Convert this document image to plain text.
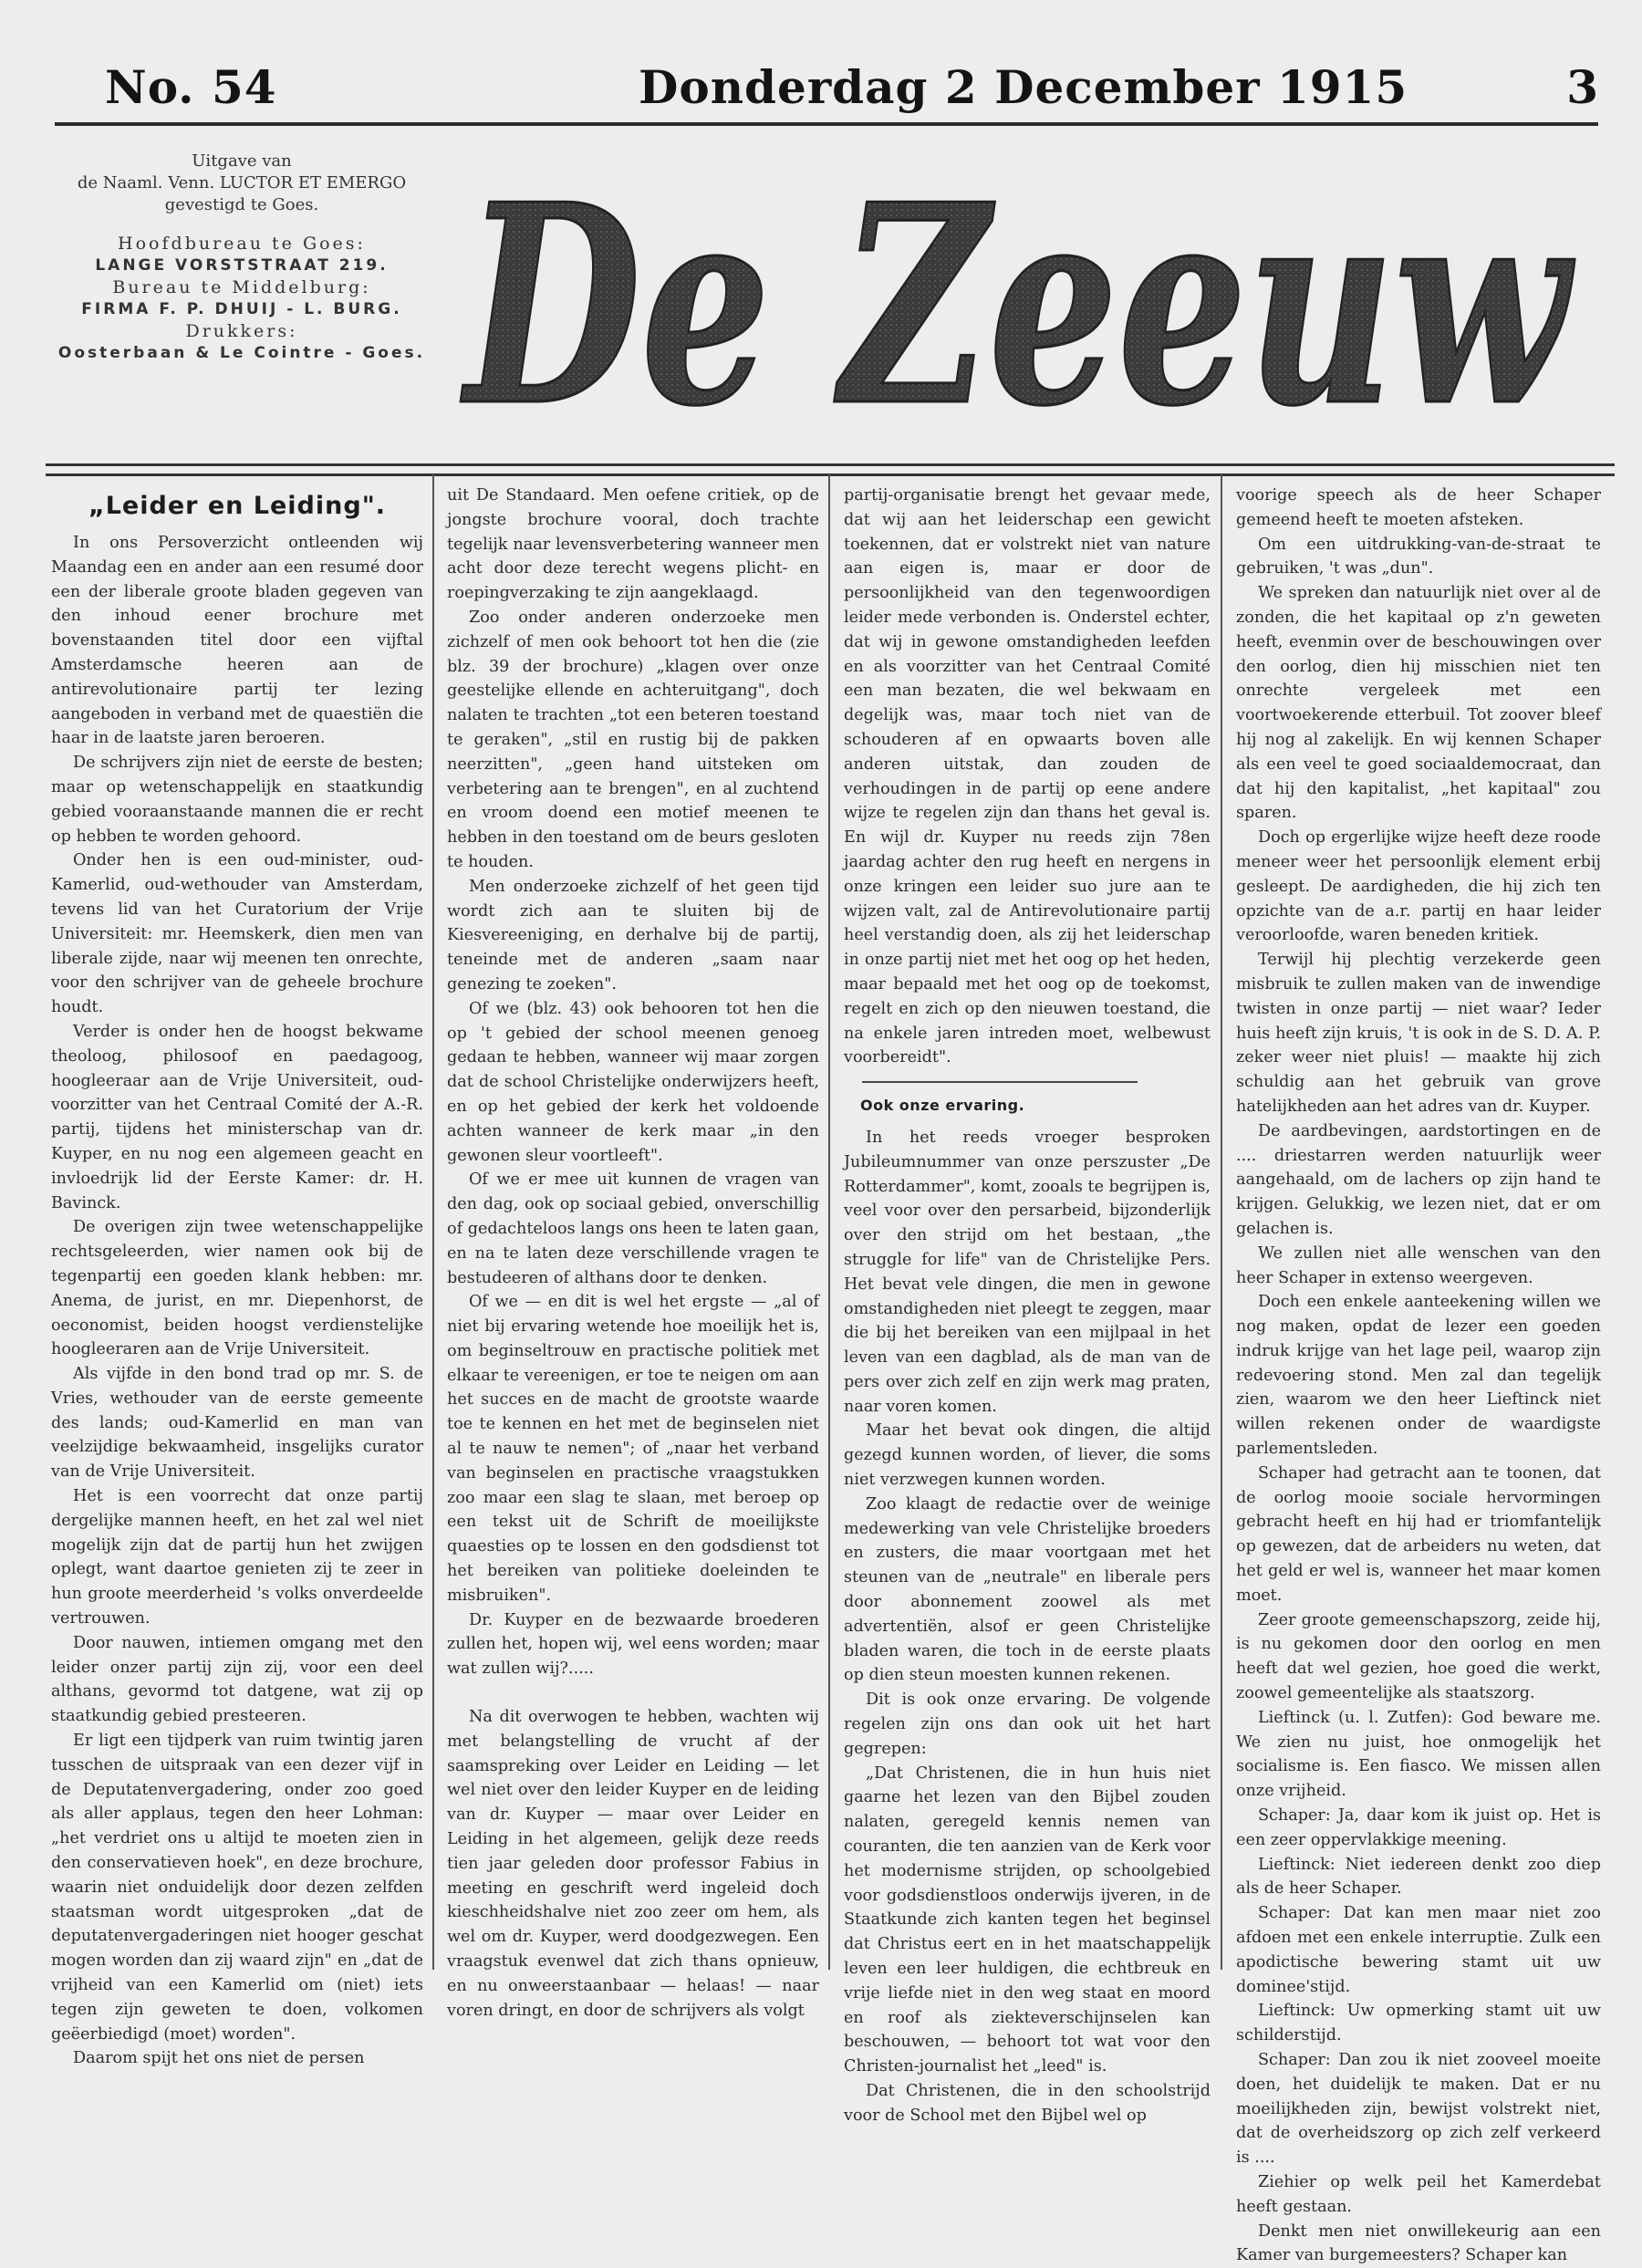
No. 54	Donderdag 2 December 1915	3
Uitgave van
de Naaml. Venn. LUCTOR ET EMERGO
gevestigd te Goes.
Hoofdbureau te Goes:
LANGE VORSTSTRAAT 219.
Bureau te Middelburg:
FIRMA F. P. DHUIJ - L. BURG.
Drukkers:
Oosterbaan & Le Cointre - Goes. De Zeeuw
„Leider en Leiding".

In ons Persoverzicht ontleenden wij Maandag een en ander aan een resumé door een der liberale groote bladen gegeven van den inhoud eener brochure met bovenstaanden titel door een vijftal Amsterdamsche heeren aan de antirevolutionaire partij ter lezing aangeboden in verband met de quaestiën die haar in de laatste jaren beroeren.

De schrijvers zijn niet de eerste de besten; maar op wetenschappelijk en staatkundig gebied vooraanstaande mannen die er recht op hebben te worden gehoord.

Onder hen is een oud-minister, oud-Kamerlid, oud-wethouder van Amsterdam, tevens lid van het Curatorium der Vrije Universiteit: mr. Heemskerk, dien men van liberale zijde, naar wij meenen ten onrechte, voor den schrijver van de geheele brochure houdt.

Verder is onder hen de hoogst bekwame theoloog, philosoof en paedagoog, hoogleeraar aan de Vrije Universiteit, oud-voorzitter van het Centraal Comité der A.-R. partij, tijdens het ministerschap van dr. Kuyper, en nu nog een algemeen geacht en invloedrijk lid der Eerste Kamer: dr. H. Bavinck.

De overigen zijn twee wetenschappelijke rechtsgeleerden, wier namen ook bij de tegenpartij een goeden klank hebben: mr. Anema, de jurist, en mr. Diepenhorst, de oeconomist, beiden hoogst verdienstelijke hoogleeraren aan de Vrije Universiteit.

Als vijfde in den bond trad op mr. S. de Vries, wethouder van de eerste gemeente des lands; oud-Kamerlid en man van veelzijdige bekwaamheid, insgelijks curator van de Vrije Universiteit.

Het is een voorrecht dat onze partij dergelijke mannen heeft, en het zal wel niet mogelijk zijn dat de partij hun het zwijgen oplegt, want daartoe genieten zij te zeer in hun groote meerderheid 's volks onverdeelde vertrouwen.

Door nauwen, intiemen omgang met den leider onzer partij zijn zij, voor een deel althans, gevormd tot datgene, wat zij op staatkundig gebied presteeren.

Er ligt een tijdperk van ruim twintig jaren tusschen de uitspraak van een dezer vijf in de Deputatenvergadering, onder zoo goed als aller applaus, tegen den heer Lohman: „het verdriet ons u altijd te moeten zien in den conservatieven hoek", en deze brochure, waarin niet onduidelijk door dezen zelfden staatsman wordt uitgesproken „dat de deputatenvergaderingen niet hooger geschat mogen worden dan zij waard zijn" en „dat de vrijheid van een Kamerlid om (niet) iets tegen zijn geweten te doen, volkomen geëerbiedigd (moet) worden".

Daarom spijt het ons niet de persen

uit De Standaard. Men oefene critiek, op de jongste brochure vooral, doch trachte tegelijk naar levensverbetering wanneer men acht door deze terecht wegens plicht- en roepingverzaking te zijn aangeklaagd.

Zoo onder anderen onderzoeke men zichzelf of men ook behoort tot hen die (zie blz. 39 der brochure) „klagen over onze geestelijke ellende en achteruitgang", doch nalaten te trachten „tot een beteren toestand te geraken", „stil en rustig bij de pakken neerzitten", „geen hand uitsteken om verbetering aan te brengen", en al zuchtend en vroom doend een motief meenen te hebben in den toestand om de beurs gesloten te houden.

Men onderzoeke zichzelf of het geen tijd wordt zich aan te sluiten bij de Kiesvereeniging, en derhalve bij de partij, teneinde met de anderen „saam naar genezing te zoeken".

Of we (blz. 43) ook behooren tot hen die op 't gebied der school meenen genoeg gedaan te hebben, wanneer wij maar zorgen dat de school Christelijke onderwijzers heeft, en op het gebied der kerk het voldoende achten wanneer de kerk maar „in den gewonen sleur voortleeft".

Of we er mee uit kunnen de vragen van den dag, ook op sociaal gebied, onverschillig of gedachteloos langs ons heen te laten gaan, en na te laten deze verschillende vragen te bestudeeren of althans door te denken.

Of we — en dit is wel het ergste — „al of niet bij ervaring wetende hoe moeilijk het is, om beginseltrouw en practische politiek met elkaar te vereenigen, er toe te neigen om aan het succes en de macht de grootste waarde toe te kennen en het met de beginselen niet al te nauw te nemen"; of „naar het verband van beginselen en practische vraagstukken zoo maar een slag te slaan, met beroep op een tekst uit de Schrift de moeilijkste quaesties op te lossen en den godsdienst tot het bereiken van politieke doeleinden te misbruiken".

Dr. Kuyper en de bezwaarde broederen zullen het, hopen wij, wel eens worden; maar wat zullen wij?.....

Na dit overwogen te hebben, wachten wij met belangstelling de vrucht af der saamspreking over Leider en Leiding — let wel niet over den leider Kuyper en de leiding van dr. Kuyper — maar over Leider en Leiding in het algemeen, gelijk deze reeds tien jaar geleden door professor Fabius in meeting en geschrift werd ingeleid doch kieschheidshalve niet zoo zeer om hem, als wel om dr. Kuyper, werd doodgezwegen. Een vraagstuk evenwel dat zich thans opnieuw, en nu onweerstaanbaar — helaas! — naar voren dringt, en door de schrijvers als volgt

partij-organisatie brengt het gevaar mede, dat wij aan het leiderschap een gewicht toekennen, dat er volstrekt niet van nature aan eigen is, maar er door de persoonlijkheid van den tegenwoordigen leider mede verbonden is. Onderstel echter, dat wij in gewone omstandigheden leefden en als voorzitter van het Centraal Comité een man bezaten, die wel bekwaam en degelijk was, maar toch niet van de schouderen af en opwaarts boven alle anderen uitstak, dan zouden de verhoudingen in de partij op eene andere wijze te regelen zijn dan thans het geval is. En wijl dr. Kuyper nu reeds zijn 78en jaardag achter den rug heeft en nergens in onze kringen een leider suo jure aan te wijzen valt, zal de Antirevolutionaire partij heel verstandig doen, als zij het leiderschap in onze partij niet met het oog op het heden, maar bepaald met het oog op de toekomst, regelt en zich op den nieuwen toestand, die na enkele jaren intreden moet, welbewust voorbereidt".

Ook onze ervaring.

In het reeds vroeger besproken Jubileumnummer van onze perszuster „De Rotterdammer", komt, zooals te begrijpen is, veel voor over den persarbeid, bijzonderlijk over den strijd om het bestaan, „the struggle for life" van de Christelijke Pers. Het bevat vele dingen, die men in gewone omstandigheden niet pleegt te zeggen, maar die bij het bereiken van een mijlpaal in het leven van een dagblad, als de man van de pers over zich zelf en zijn werk mag praten, naar voren komen.

Maar het bevat ook dingen, die altijd gezegd kunnen worden, of liever, die soms niet verzwegen kunnen worden.

Zoo klaagt de redactie over de weinige medewerking van vele Christelijke broeders en zusters, die maar voortgaan met het steunen van de „neutrale" en liberale pers door abonnement zoowel als met advertentiën, alsof er geen Christelijke bladen waren, die toch in de eerste plaats op dien steun moesten kunnen rekenen.

Dit is ook onze ervaring. De volgende regelen zijn ons dan ook uit het hart gegrepen:

„Dat Christenen, die in hun huis niet gaarne het lezen van den Bijbel zouden nalaten, geregeld kennis nemen van couranten, die ten aanzien van de Kerk voor het modernisme strijden, op schoolgebied voor godsdienstloos onderwijs ijveren, in de Staatkunde zich kanten tegen het beginsel dat Christus eert en in het maatschappelijk leven een leer huldigen, die echtbreuk en vrije liefde niet in den weg staat en moord en roof als ziekteverschijnselen kan beschouwen, — behoort tot wat voor den Christen-journalist het „leed" is.

Dat Christenen, die in den schoolstrijd voor de School met den Bijbel wel op

voorige speech als de heer Schaper gemeend heeft te moeten afsteken.

Om een uitdrukking-van-de-straat te gebruiken, 't was „dun".

We spreken dan natuurlijk niet over al de zonden, die het kapitaal op z'n geweten heeft, evenmin over de beschouwingen over den oorlog, dien hij misschien niet ten onrechte vergeleek met een voortwoekerende etterbuil. Tot zoover bleef hij nog al zakelijk. En wij kennen Schaper als een veel te goed sociaaldemocraat, dan dat hij den kapitalist, „het kapitaal" zou sparen.

Doch op ergerlijke wijze heeft deze roode meneer weer het persoonlijk element erbij gesleept. De aardigheden, die hij zich ten opzichte van de a.r. partij en haar leider veroorloofde, waren beneden kritiek.

Terwijl hij plechtig verzekerde geen misbruik te zullen maken van de inwendige twisten in onze partij — niet waar? Ieder huis heeft zijn kruis, 't is ook in de S. D. A. P. zeker weer niet pluis! — maakte hij zich schuldig aan het gebruik van grove hatelijkheden aan het adres van dr. Kuyper.

De aardbevingen, aardstortingen en de .... driestarren werden natuurlijk weer aangehaald, om de lachers op zijn hand te krijgen. Gelukkig, we lezen niet, dat er om gelachen is.

We zullen niet alle wenschen van den heer Schaper in extenso weergeven.

Doch een enkele aanteekening willen we nog maken, opdat de lezer een goeden indruk krijge van het lage peil, waarop zijn redevoering stond. Men zal dan tegelijk zien, waarom we den heer Lieftinck niet willen rekenen onder de waardigste parlementsleden.

Schaper had getracht aan te toonen, dat de oorlog mooie sociale hervormingen gebracht heeft en hij had er triomfantelijk op gewezen, dat de arbeiders nu weten, dat het geld er wel is, wanneer het maar komen moet.

Zeer groote gemeenschapszorg, zeide hij, is nu gekomen door den oorlog en men heeft dat wel gezien, hoe goed die werkt, zoowel gemeentelijke als staatszorg.

Lieftinck (u. l. Zutfen): God beware me. We zien nu juist, hoe onmogelijk het socialisme is. Een fiasco. We missen allen onze vrijheid.

Schaper: Ja, daar kom ik juist op. Het is een zeer oppervlakkige meening.

Lieftinck: Niet iedereen denkt zoo diep als de heer Schaper.

Schaper: Dat kan men maar niet zoo afdoen met een enkele interruptie. Zulk een apodictische bewering stamt uit uw dominee'stijd.

Lieftinck: Uw opmerking stamt uit uw schilderstijd.

Schaper: Dan zou ik niet zooveel moeite doen, het duidelijk te maken. Dat er nu moeilijkheden zijn, bewijst volstrekt niet, dat de overheidszorg op zich zelf verkeerd is ....

Ziehier op welk peil het Kamerdebat heeft gestaan.

Denkt men niet onwillekeurig aan een Kamer van burgemeesters? Schaper kan
